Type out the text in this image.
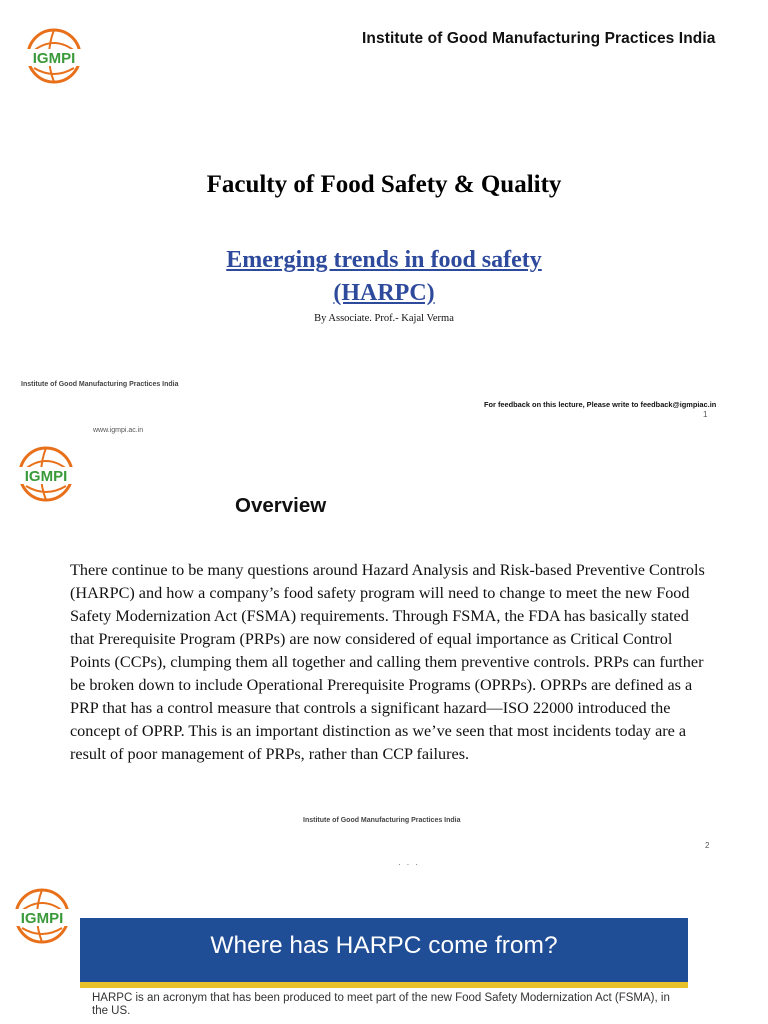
IGMPI
Institute of Good Manufacturing Practices India
Faculty of Food Safety & Quality
Emerging trends in food safety
(HARPC)
By Associate. Prof.- Kajal Verma
Institute of Good Manufacturing Practices India
For feedback on this lecture, Please write to feedback@igmpiac.in
1
www.igmpi.ac.in
IGMPI
Overview
There continue to be many questions around Hazard Analysis and Risk-based Preventive Controls (HARPC) and how a company’s food safety program will need to change to meet the new Food Safety Modernization Act (FSMA) requirements. Through FSMA, the FDA has basically stated that Prerequisite Program (PRPs) are now considered of equal importance as Critical Control Points (CCPs), clumping them all together and calling them preventive controls. PRPs can further be broken down to include Operational Prerequisite Programs (OPRPs). OPRPs are defined as a PRP that has a control measure that controls a significant hazard—ISO 22000 introduced the concept of OPRP. This is an important distinction as we’ve seen that most incidents today are a result of poor management of PRPs, rather than CCP failures.
Institute of Good Manufacturing Practices India
2
···
IGMPI
Where has HARPC come from?
HARPC is an acronym that has been produced to meet part of the new Food Safety Modernization Act (FSMA), in the US.
